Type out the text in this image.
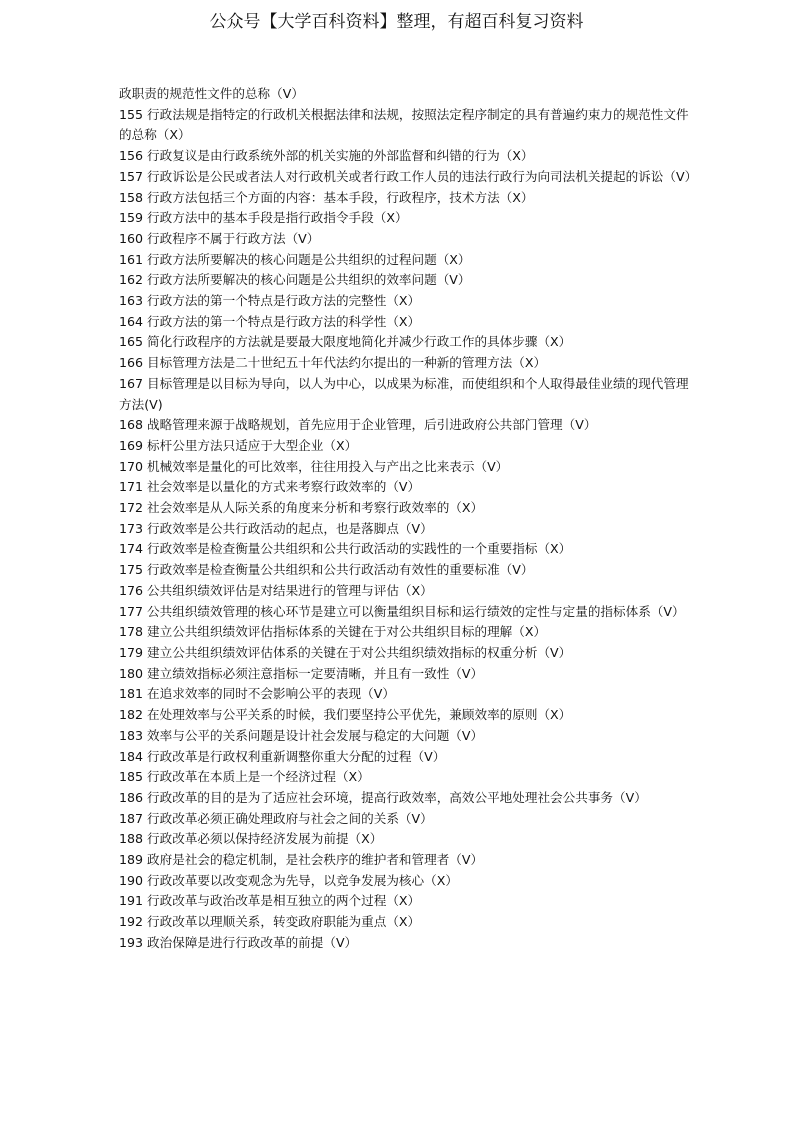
公众号【大学百科资料】整理，有超百科复习资料

政职责的规范性文件的总称（V）

155 行政法规是指特定的行政机关根据法律和法规，按照法定程序制定的具有普遍约束力的规范性文件的总称（X）

156 行政复议是由行政系统外部的机关实施的外部监督和纠错的行为（X）

157 行政诉讼是公民或者法人对行政机关或者行政工作人员的违法行政行为向司法机关提起的诉讼（V）

158 行政方法包括三个方面的内容：基本手段，行政程序，技术方法（X）

159 行政方法中的基本手段是指行政指令手段（X）

160 行政程序不属于行政方法（V）

161 行政方法所要解决的核心问题是公共组织的过程问题（X）

162 行政方法所要解决的核心问题是公共组织的效率问题（V）

163 行政方法的第一个特点是行政方法的完整性（X）

164 行政方法的第一个特点是行政方法的科学性（X）

165 简化行政程序的方法就是要最大限度地简化并减少行政工作的具体步骤（X）

166 目标管理方法是二十世纪五十年代法约尔提出的一种新的管理方法（X）

167 目标管理是以目标为导向，以人为中心，以成果为标准，而使组织和个人取得最佳业绩的现代管理方法(V)

168 战略管理来源于战略规划，首先应用于企业管理，后引进政府公共部门管理（V）

169 标杆公里方法只适应于大型企业（X）

170 机械效率是量化的可比效率，往往用投入与产出之比来表示（V）

171 社会效率是以量化的方式来考察行政效率的（V）

172 社会效率是从人际关系的角度来分析和考察行政效率的（X）

173 行政效率是公共行政活动的起点，也是落脚点（V）

174 行政效率是检查衡量公共组织和公共行政活动的实践性的一个重要指标（X）

175 行政效率是检查衡量公共组织和公共行政活动有效性的重要标准（V）

176 公共组织绩效评估是对结果进行的管理与评估（X）

177 公共组织绩效管理的核心环节是建立可以衡量组织目标和运行绩效的定性与定量的指标体系（V）

178 建立公共组织绩效评估指标体系的关键在于对公共组织目标的理解（X）

179 建立公共组织绩效评估体系的关键在于对公共组织绩效指标的权重分析（V）

180 建立绩效指标必须注意指标一定要清晰，并且有一致性（V）

181 在追求效率的同时不会影响公平的表现（V）

182 在处理效率与公平关系的时候，我们要坚持公平优先，兼顾效率的原则（X）

183 效率与公平的关系问题是设计社会发展与稳定的大问题（V）

184 行政改革是行政权利重新调整你重大分配的过程（V）

185 行政改革在本质上是一个经济过程（X）

186 行政改革的目的是为了适应社会环境，提高行政效率，高效公平地处理社会公共事务（V）

187 行政改革必须正确处理政府与社会之间的关系（V）

188 行政改革必须以保持经济发展为前提（X）

189 政府是社会的稳定机制，是社会秩序的维护者和管理者（V）

190 行政改革要以改变观念为先导，以竞争发展为核心（X）

191 行政改革与政治改革是相互独立的两个过程（X）

192 行政改革以理顺关系，转变政府职能为重点（X）

193 政治保障是进行行政改革的前提（V）
